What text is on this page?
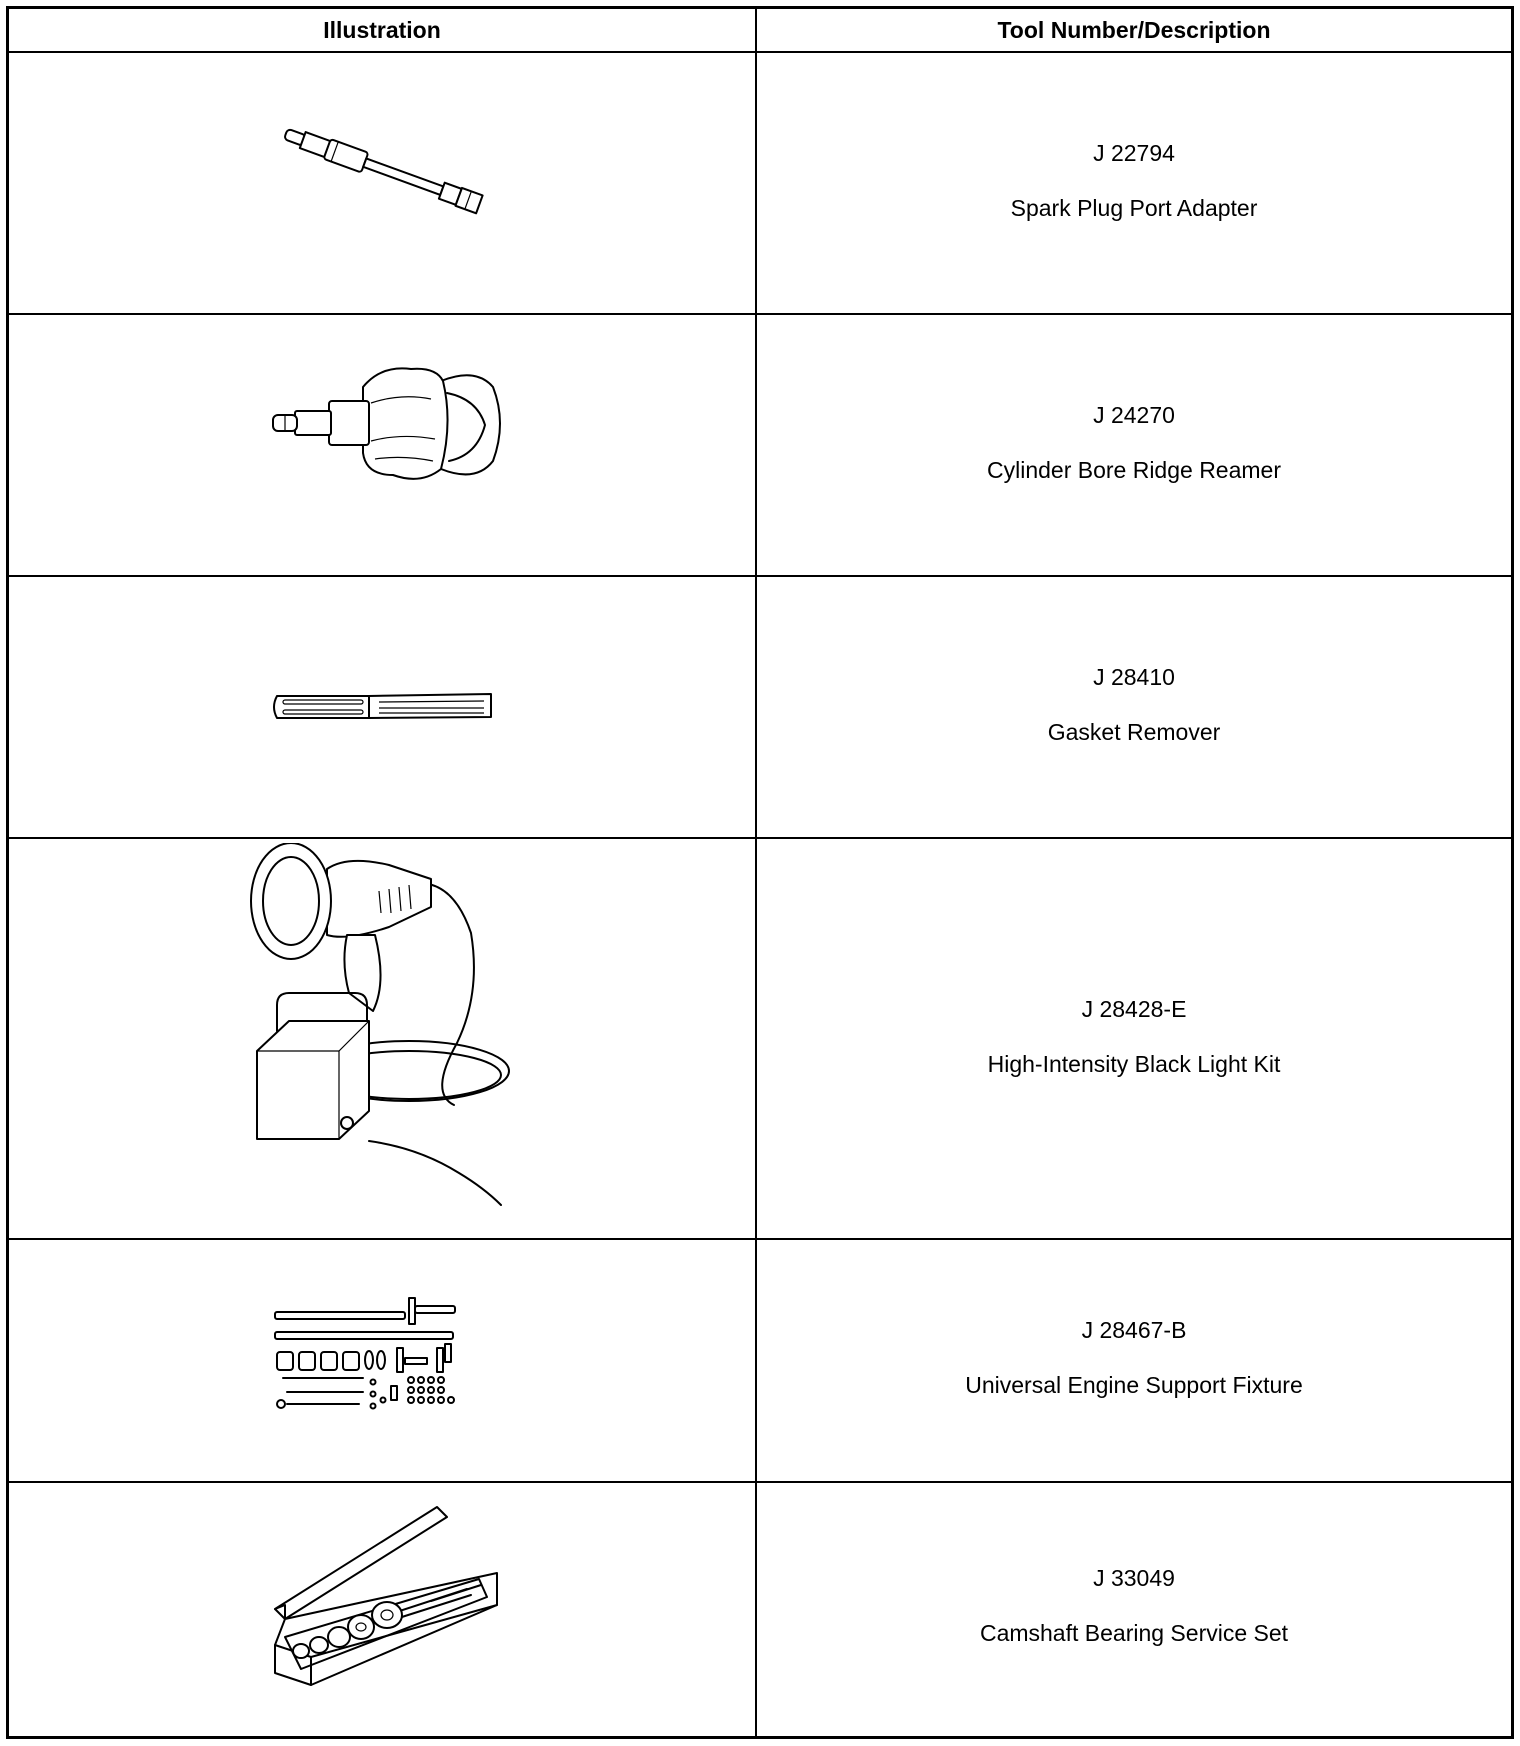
Illustration	Tool Number/Description
J 22794
Spark Plug Port Adapter
J 24270
Cylinder Bore Ridge Reamer
J 28410
Gasket Remover
J 28428-E
High-Intensity Black Light Kit
J 28467-B
Universal Engine Support Fixture
J 33049
Camshaft Bearing Service Set
